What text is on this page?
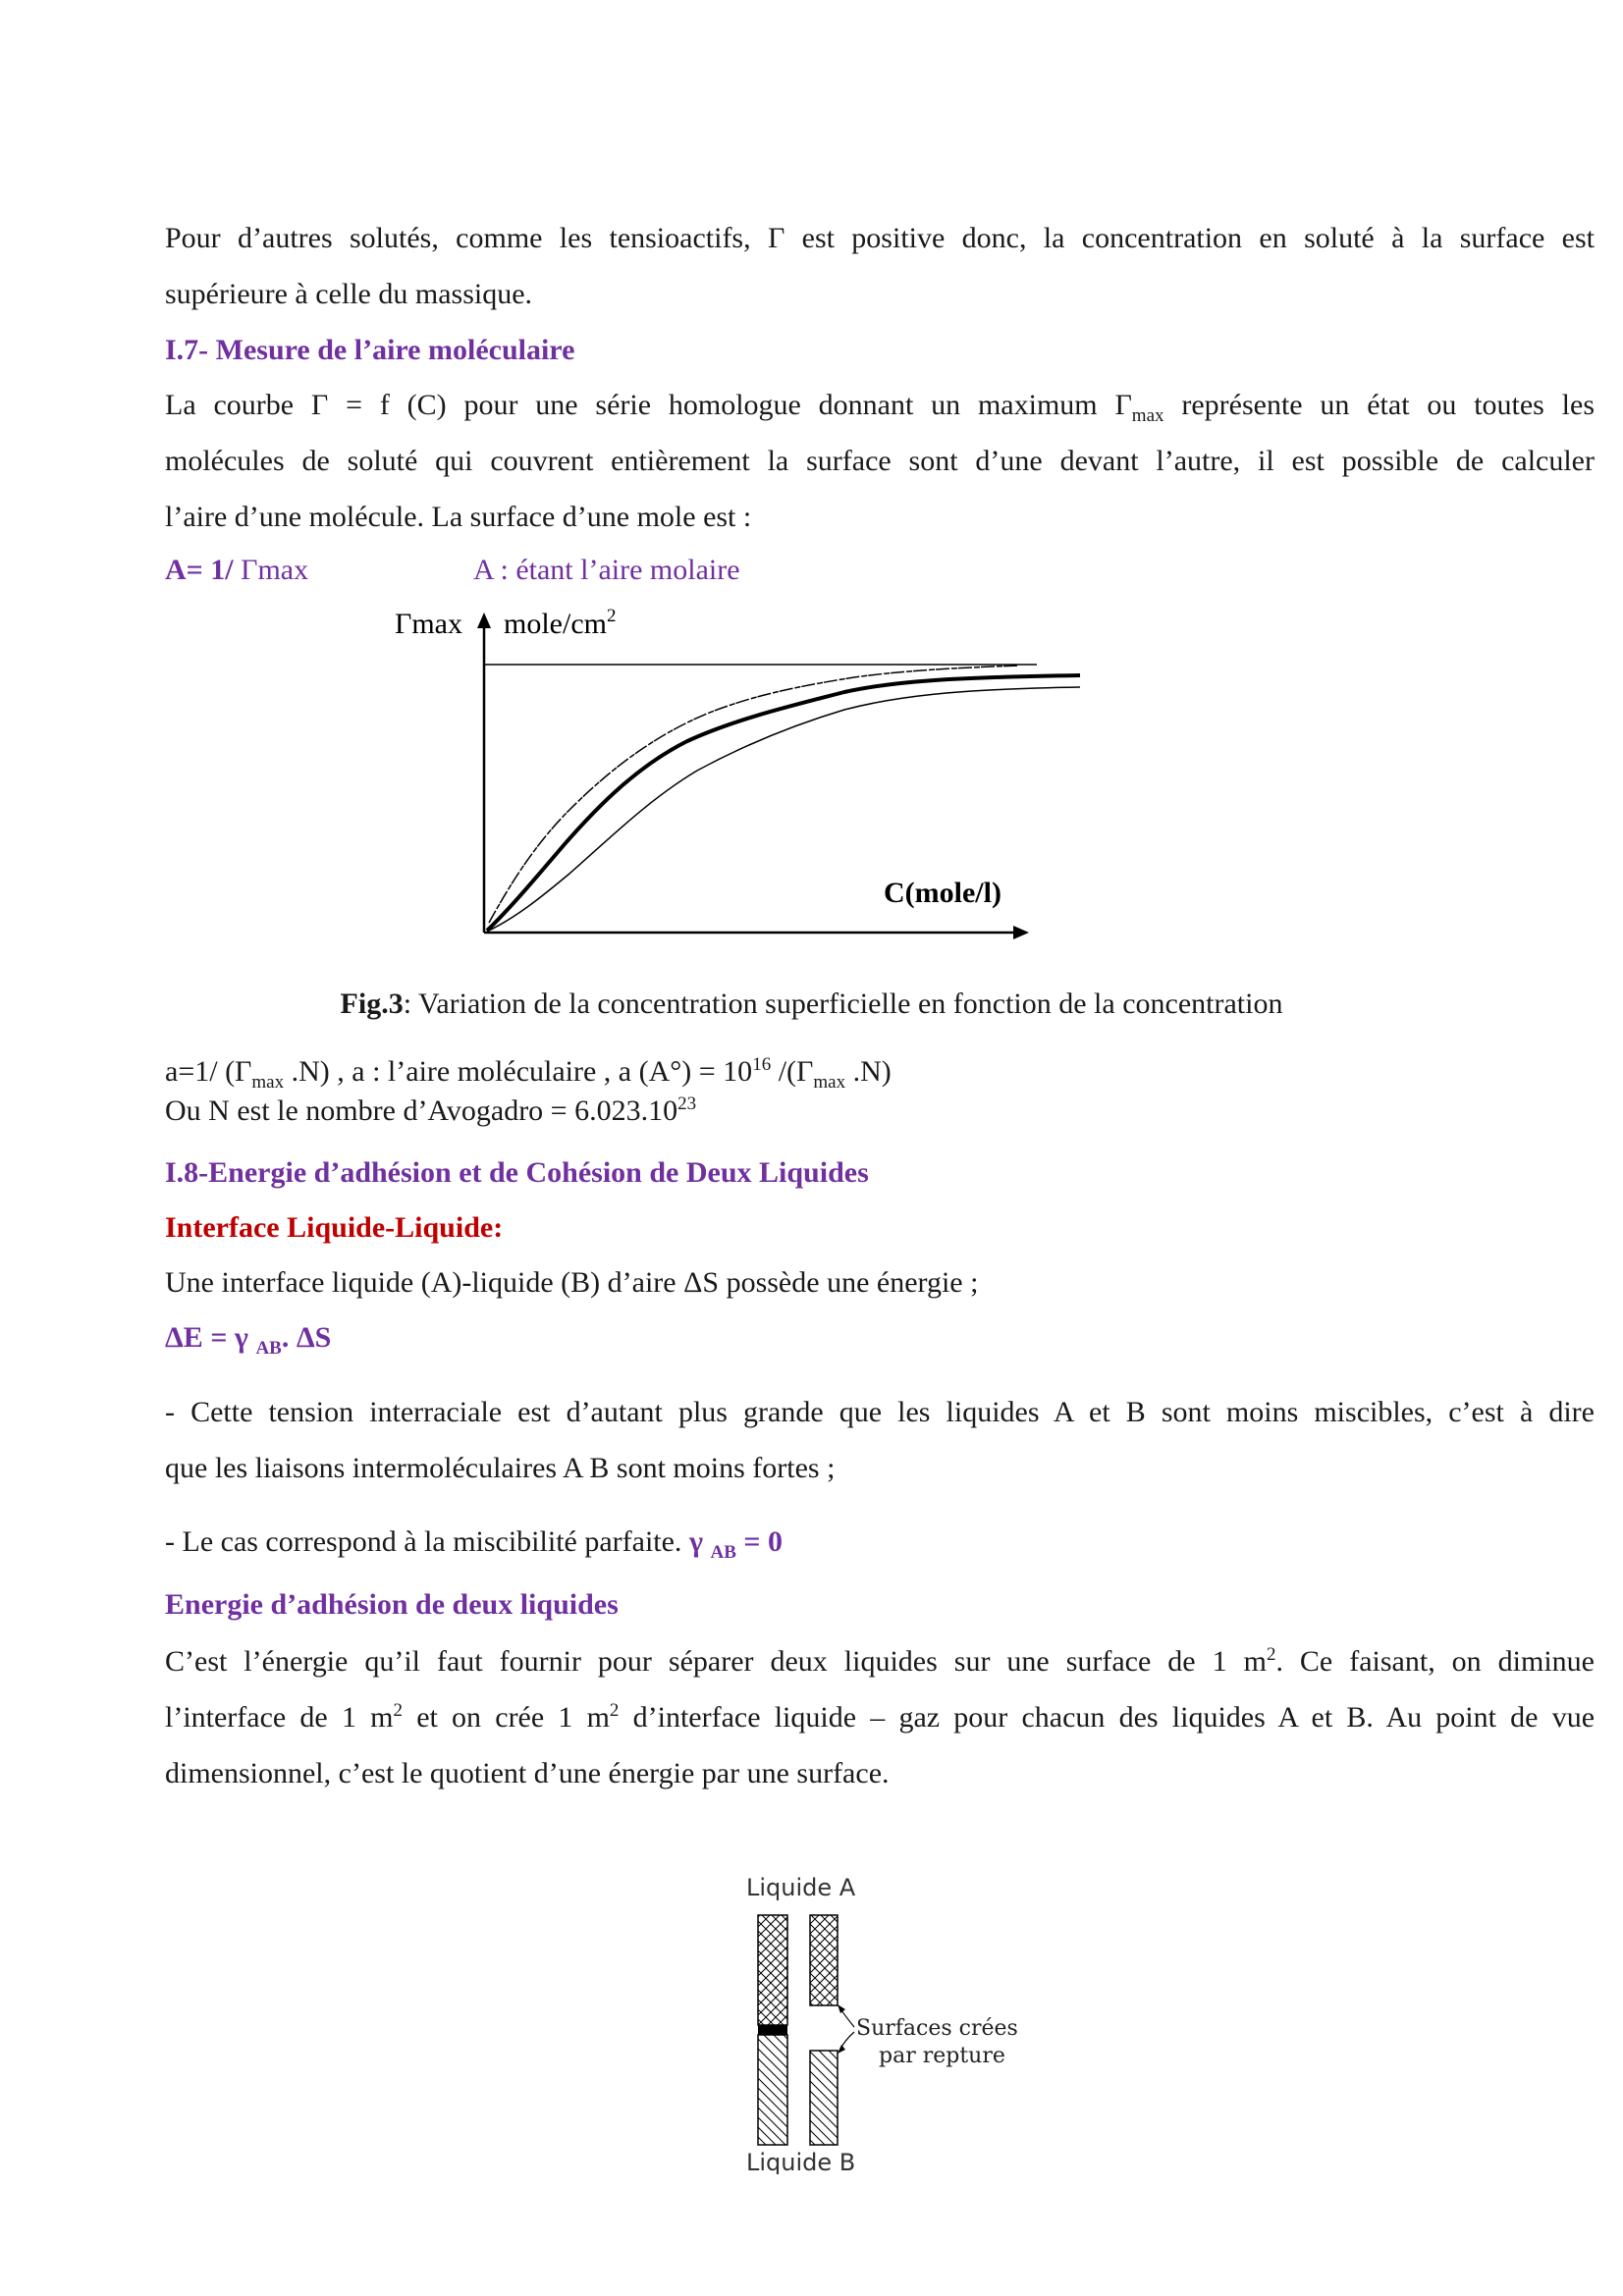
Pour d’autres solutés, comme les tensioactifs, Γ est positive donc, la concentration en soluté à la surface est

supérieure à celle du massique.

I.7- Mesure de l’aire moléculaire

La courbe Γ = f (C) pour une série homologue donnant un maximum $\Gamma_{max}$ représente un état ou toutes les

molécules de soluté qui couvrent entièrement la surface sont d’une devant l’autre, il est possible de calculer

l’aire d’une molécule. La surface d’une mole est :

A= 1/ Γmax	A : étant l’aire molaire

Γmax mole/$cm^2$
C(mole/l)
Fig.3: Variation de la concentration superficielle en fonction de la concentration

a=1/ ($\Gamma_{max}$ .N) , a : l’aire moléculaire , a $(A^\circ) = 10^{16}$ $/(\Gamma_{max}$ .N)

Ou N est le nombre d’Avogadro = $6.023.10^{23}$

I.8-Energie d’adhésion et de Cohésion de Deux Liquides

Interface Liquide-Liquide:

Une interface liquide (A)-liquide (B) d’aire ΔS possède une énergie ;

ΔE = γ $_{AB}$. ΔS

- Cette tension interraciale est d’autant plus grande que les liquides A et B sont moins miscibles, c’est à dire

que les liaisons intermoléculaires A B sont moins fortes ;

- Le cas correspond à la miscibilité parfaite. γ $_{AB}$ = 0

Energie d’adhésion de deux liquides

C’est l’énergie qu’il faut fournir pour séparer deux liquides sur une surface de 1 $m^2$. Ce faisant, on diminue

l’interface de 1 $m^2$ et on crée 1 $m^2$ d’interface liquide – gaz pour chacun des liquides A et B. Au point de vue

dimensionnel, c’est le quotient d’une énergie par une surface.

Liquide A
Surfaces crées
par repture
Liquide B
